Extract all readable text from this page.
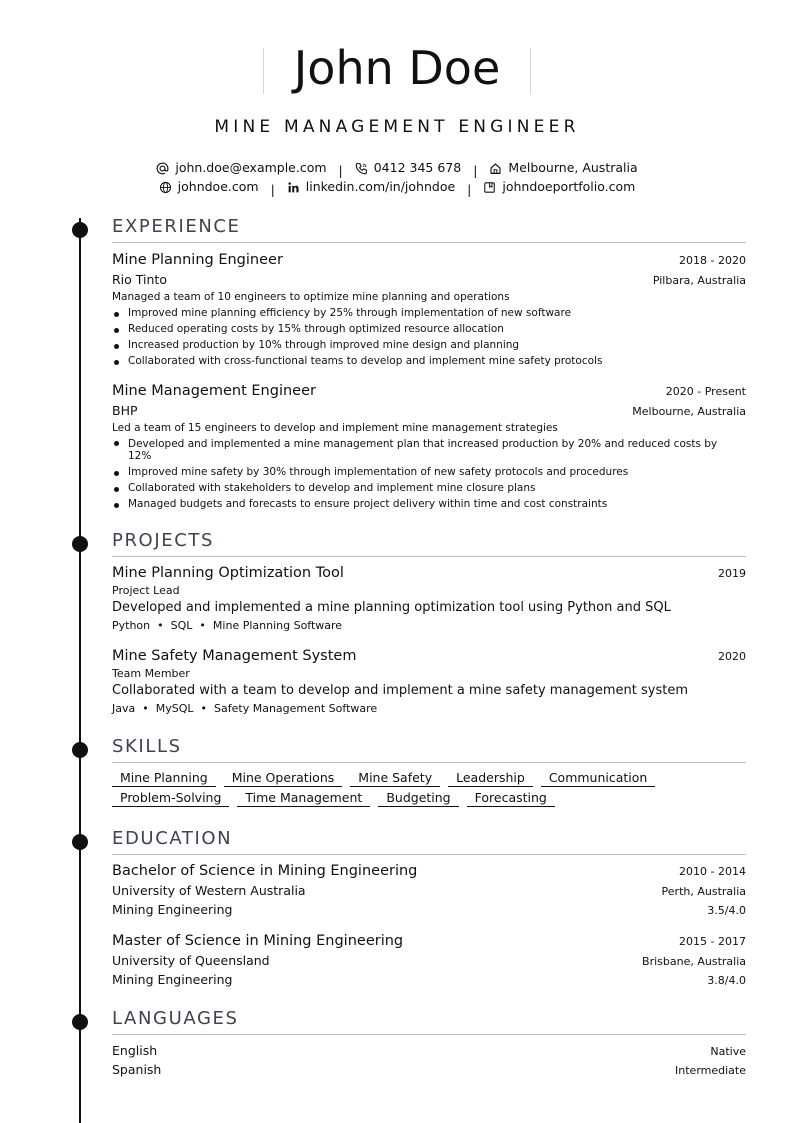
John Doe
MINE MANAGEMENT ENGINEER
john.doe@example.com | 0412 345 678 | Melbourne, Australia
johndoe.com | linkedin.com/in/johndoe | johndoeportfolio.com
EXPERIENCE
Mine Planning Engineer	2018 - 2020
Rio Tinto	Pilbara, Australia
Managed a team of 10 engineers to optimize mine planning and operations
Improved mine planning efficiency by 25% through implementation of new software
Reduced operating costs by 15% through optimized resource allocation
Increased production by 10% through improved mine design and planning
Collaborated with cross-functional teams to develop and implement mine safety protocols
Mine Management Engineer	2020 - Present
BHP	Melbourne, Australia
Led a team of 15 engineers to develop and implement mine management strategies
Developed and implemented a mine management plan that increased production by 20% and reduced costs by 12%
Improved mine safety by 30% through implementation of new safety protocols and procedures
Collaborated with stakeholders to develop and implement mine closure plans
Managed budgets and forecasts to ensure project delivery within time and cost constraints
PROJECTS
Mine Planning Optimization Tool	2019
Project Lead
Developed and implemented a mine planning optimization tool using Python and SQL
Python • SQL • Mine Planning Software
Mine Safety Management System	2020
Team Member
Collaborated with a team to develop and implement a mine safety management system
Java • MySQL • Safety Management Software
SKILLS
Mine Planning	Mine Operations	Mine Safety	Leadership	Communication
Problem-Solving	Time Management	Budgeting	Forecasting
EDUCATION
Bachelor of Science in Mining Engineering	2010 - 2014
University of Western Australia	Perth, Australia
Mining Engineering	3.5/4.0
Master of Science in Mining Engineering	2015 - 2017
University of Queensland	Brisbane, Australia
Mining Engineering	3.8/4.0
LANGUAGES
English	Native
Spanish	Intermediate
